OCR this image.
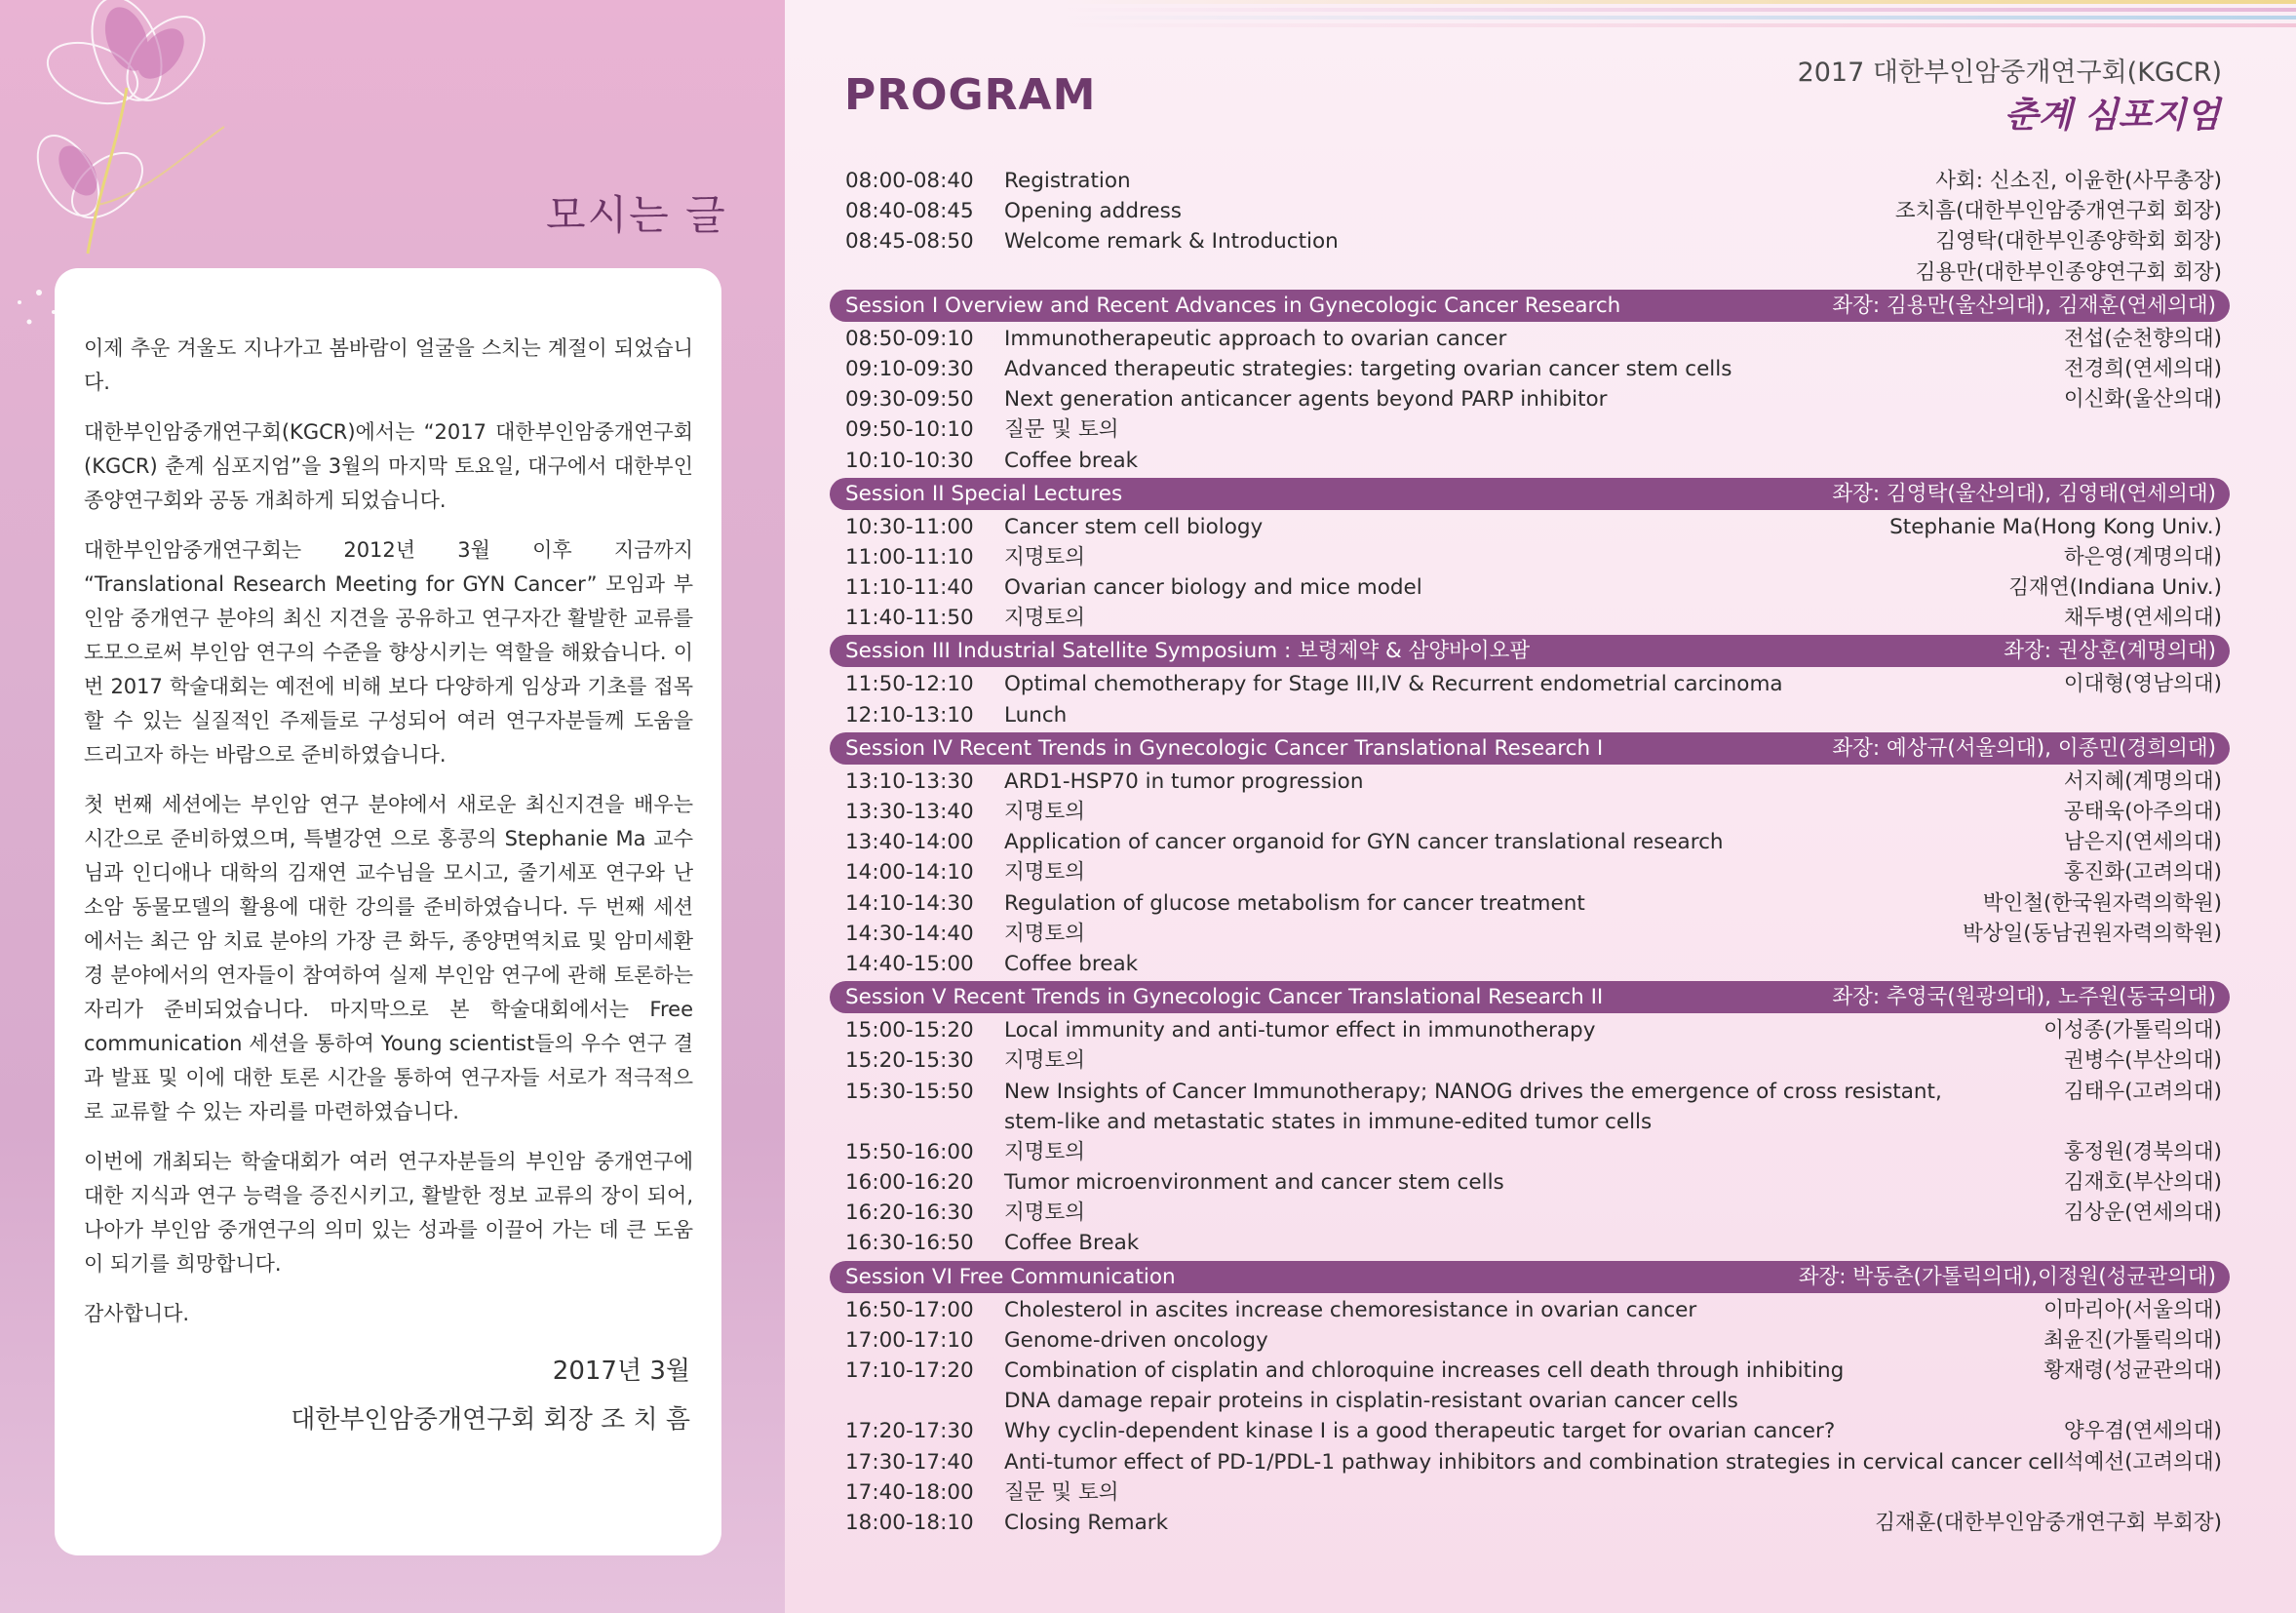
모시는 글

이제 추운 겨울도 지나가고 봄바람이 얼굴을 스치는 계절이 되었습니다.

대한부인암중개연구회(KGCR)에서는 “2017 대한부인암중개연구회(KGCR) 춘계 심포지엄”을 3월의 마지막 토요일, 대구에서 대한부인종양연구회와 공동 개최하게 되었습니다.

대한부인암중개연구회는 2012년 3월 이후 지금까지 “Translational Research Meeting for GYN Cancer” 모임과 부인암 중개연구 분야의 최신 지견을 공유하고 연구자간 활발한 교류를 도모으로써 부인암 연구의 수준을 향상시키는 역할을 해왔습니다. 이번 2017 학술대회는 예전에 비해 보다 다양하게 임상과 기초를 접목 할 수 있는 실질적인 주제들로 구성되어 여러 연구자분들께 도움을 드리고자 하는 바람으로 준비하였습니다.

첫 번째 세션에는 부인암 연구 분야에서 새로운 최신지견을 배우는 시간으로 준비하였으며, 특별강연 으로 홍콩의 Stephanie Ma 교수님과 인디애나 대학의 김재연 교수님을 모시고, 줄기세포 연구와 난소암 동물모델의 활용에 대한 강의를 준비하였습니다. 두 번째 세션에서는 최근 암 치료 분야의 가장 큰 화두, 종양면역치료 및 암미세환경 분야에서의 연자들이 참여하여 실제 부인암 연구에 관해 토론하는 자리가 준비되었습니다. 마지막으로 본 학술대회에서는 Free communication 세션을 통하여 Young scientist들의 우수 연구 결과 발표 및 이에 대한 토론 시간을 통하여 연구자들 서로가 적극적으로 교류할 수 있는 자리를 마련하였습니다.

이번에 개최되는 학술대회가 여러 연구자분들의 부인암 중개연구에 대한 지식과 연구 능력을 증진시키고, 활발한 정보 교류의 장이 되어, 나아가 부인암 중개연구의 의미 있는 성과를 이끌어 가는 데 큰 도움이 되기를 희망합니다.

감사합니다.

2017년 3월
대한부인암중개연구회 회장 조 치 흠
PROGRAM	2017 대한부인암중개연구회(KGCR)
춘계 심포지엄
08:00-08:40 Registration	사회: 신소진, 이윤한(사무총장)
08:40-08:45 Opening address	조치흠(대한부인암중개연구회 회장)
08:45-08:50 Welcome remark & Introduction	김영탁(대한부인종양학회 회장)
김용만(대한부인종양연구회 회장)
Session I Overview and Recent Advances in Gynecologic Cancer Research	좌장: 김용만(울산의대), 김재훈(연세의대)
08:50-09:10 Immunotherapeutic approach to ovarian cancer	전섭(순천향의대)
09:10-09:30 Advanced therapeutic strategies: targeting ovarian cancer stem cells	전경희(연세의대)
09:30-09:50 Next generation anticancer agents beyond PARP inhibitor	이신화(울산의대)
09:50-10:10 질문 및 토의
10:10-10:30 Coffee break
Session II Special Lectures	좌장: 김영탁(울산의대), 김영태(연세의대)
10:30-11:00 Cancer stem cell biology	Stephanie Ma(Hong Kong Univ.)
11:00-11:10 지명토의	하은영(계명의대)
11:10-11:40 Ovarian cancer biology and mice model	김재연(Indiana Univ.)
11:40-11:50 지명토의	채두병(연세의대)
Session III Industrial Satellite Symposium : 보령제약 & 삼양바이오팜	좌장: 권상훈(계명의대)
11:50-12:10 Optimal chemotherapy for Stage III,IV & Recurrent endometrial carcinoma	이대형(영남의대)
12:10-13:10 Lunch
Session IV Recent Trends in Gynecologic Cancer Translational Research I	좌장: 예상규(서울의대), 이종민(경희의대)
13:10-13:30 ARD1-HSP70 in tumor progression	서지혜(계명의대)
13:30-13:40 지명토의	공태욱(아주의대)
13:40-14:00 Application of cancer organoid for GYN cancer translational research	남은지(연세의대)
14:00-14:10 지명토의	홍진화(고려의대)
14:10-14:30 Regulation of glucose metabolism for cancer treatment	박인철(한국원자력의학원)
14:30-14:40 지명토의	박상일(동남권원자력의학원)
14:40-15:00 Coffee break
Session V Recent Trends in Gynecologic Cancer Translational Research II	좌장: 추영국(원광의대), 노주원(동국의대)
15:00-15:20 Local immunity and anti-tumor effect in immunotherapy	이성종(가톨릭의대)
15:20-15:30 지명토의	권병수(부산의대)
15:30-15:50 New Insights of Cancer Immunotherapy; NANOG drives the emergence of cross resistant,	김태우(고려의대)
stem-like and metastatic states in immune-edited tumor cells
15:50-16:00 지명토의	홍정원(경북의대)
16:00-16:20 Tumor microenvironment and cancer stem cells	김재호(부산의대)
16:20-16:30 지명토의	김상운(연세의대)
16:30-16:50 Coffee Break
Session VI Free Communication	좌장: 박동춘(가톨릭의대),이정원(성균관의대)
16:50-17:00 Cholesterol in ascites increase chemoresistance in ovarian cancer	이마리아(서울의대)
17:00-17:10 Genome-driven oncology	최윤진(가톨릭의대)
17:10-17:20 Combination of cisplatin and chloroquine increases cell death through inhibiting	황재령(성균관의대)
DNA damage repair proteins in cisplatin-resistant ovarian cancer cells
17:20-17:30 Why cyclin-dependent kinase I is a good therapeutic target for ovarian cancer?	양우겸(연세의대)
17:30-17:40 Anti-tumor effect of PD-1/PDL-1 pathway inhibitors and combination strategies in cervical cancer cell 석예선(고려의대)
17:40-18:00 질문 및 토의
18:00-18:10 Closing Remark	김재훈(대한부인암중개연구회 부회장)
